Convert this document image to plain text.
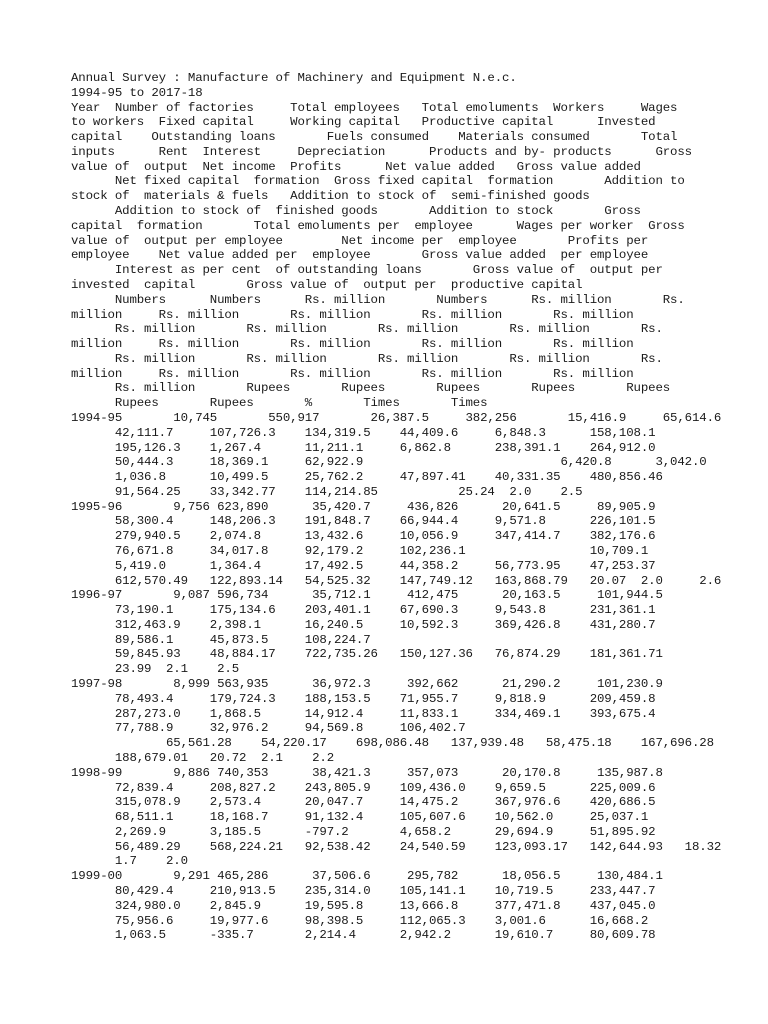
Annual Survey : Manufacture of Machinery and Equipment N.e.c.
1994-95 to 2017-18
Year  Number of factories     Total employees   Total emoluments  Workers     Wages
to workers  Fixed capital     Working capital   Productive capital      Invested
capital    Outstanding loans       Fuels consumed    Materials consumed       Total
inputs      Rent  Interest     Depreciation      Products and by- products      Gross
value of  output  Net income  Profits      Net value added   Gross value added
Net fixed capital  formation  Gross fixed capital  formation       Addition to
stock of  materials & fuels   Addition to stock of  semi-finished goods
Addition to stock of  finished goods       Addition to stock       Gross
capital  formation       Total emoluments per  employee      Wages per worker  Gross
value of  output per employee        Net income per  employee       Profits per
employee    Net value added per  employee       Gross value added  per employee
Interest as per cent  of outstanding loans       Gross value of  output per
invested  capital       Gross value of  output per  productive capital
Numbers      Numbers      Rs. million       Numbers      Rs. million       Rs.
million     Rs. million       Rs. million       Rs. million       Rs. million
Rs. million       Rs. million       Rs. million       Rs. million       Rs.
million     Rs. million       Rs. million       Rs. million       Rs. million
Rs. million       Rs. million       Rs. million       Rs. million       Rs.
million     Rs. million       Rs. million       Rs. million       Rs. million
Rs. million       Rupees       Rupees       Rupees       Rupees       Rupees
Rupees       Rupees       %       Times       Times
1994-95       10,745       550,917       26,387.5     382,256       15,416.9     65,614.6
42,111.7     107,726.3    134,319.5    44,409.6     6,848.3      158,108.1
195,126.3    1,267.4      11,211.1     6,862.8      238,391.1    264,912.0
50,444.3     18,369.1     62,922.9                           6,420.8      3,042.0
1,036.8      10,499.5     25,762.2     47,897.41    40,331.35    480,856.46
91,564.25    33,342.77    114,214.85           25.24  2.0    2.5
1995-96       9,756 623,890      35,420.7     436,826      20,641.5     89,905.9
58,300.4     148,206.3    191,848.7    66,944.4     9,571.8      226,101.5
279,940.5    2,074.8      13,432.6     10,056.9     347,414.7    382,176.6
76,671.8     34,017.8     92,179.2     102,236.1                 10,709.1
5,419.0      1,364.4      17,492.5     44,358.2     56,773.95    47,253.37
612,570.49   122,893.14   54,525.32    147,749.12   163,868.79   20.07  2.0     2.6
1996-97       9,087 596,734      35,712.1     412,475      20,163.5     101,944.5
73,190.1     175,134.6    203,401.1    67,690.3     9,543.8      231,361.1
312,463.9    2,398.1      16,240.5     10,592.3     369,426.8    431,280.7
89,586.1     45,873.5     108,224.7
59,845.93    48,884.17    722,735.26   150,127.36   76,874.29    181,361.71
23.99  2.1    2.5
1997-98       8,999 563,935      36,972.3     392,662      21,290.2     101,230.9
78,493.4     179,724.3    188,153.5    71,955.7     9,818.9      209,459.8
287,273.0    1,868.5      14,912.4     11,833.1     334,469.1    393,675.4
77,788.9     32,976.2     94,569.8     106,402.7
65,561.28    54,220.17    698,086.48   137,939.48   58,475.18    167,696.28
188,679.01   20.72  2.1    2.2
1998-99       9,886 740,353      38,421.3     357,073      20,170.8     135,987.8
72,839.4     208,827.2    243,805.9    109,436.0    9,659.5      225,009.6
315,078.9    2,573.4      20,047.7     14,475.2     367,976.6    420,686.5
68,511.1     18,168.7     91,132.4     105,607.6    10,562.0     25,037.1
2,269.9      3,185.5      -797.2       4,658.2      29,694.9     51,895.92
56,489.29    568,224.21   92,538.42    24,540.59    123,093.17   142,644.93   18.32
1.7    2.0
1999-00       9,291 465,286      37,506.6     295,782      18,056.5     130,484.1
80,429.4     210,913.5    235,314.0    105,141.1    10,719.5     233,447.7
324,980.0    2,845.9      19,595.8     13,666.8     377,471.8    437,045.0
75,956.6     19,977.6     98,398.5     112,065.3    3,001.6      16,668.2
1,063.5      -335.7       2,214.4      2,942.2      19,610.7     80,609.78
